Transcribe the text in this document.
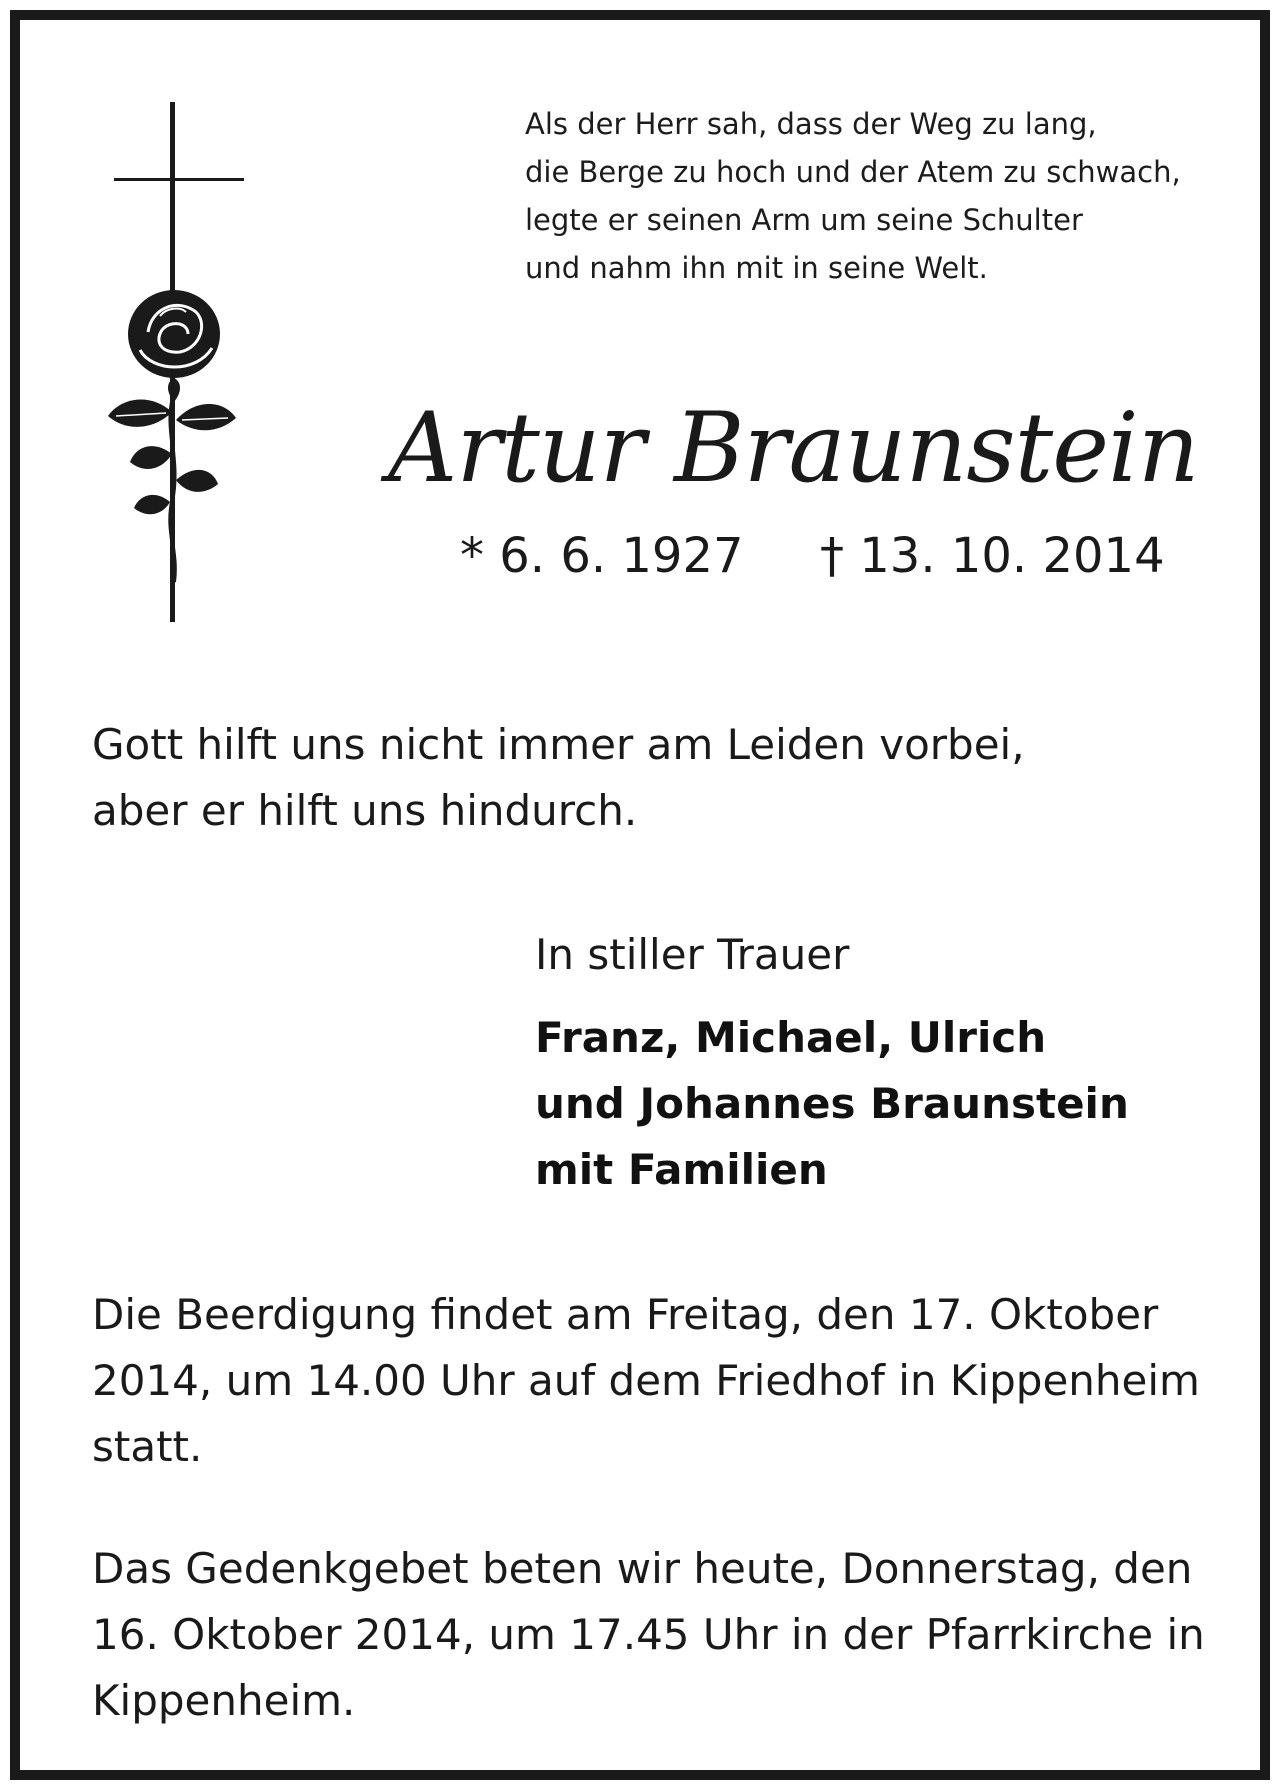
Als der Herr sah, dass der Weg zu lang,
die Berge zu hoch und der Atem zu schwach,
legte er seinen Arm um seine Schulter
und nahm ihn mit in seine Welt.
Artur Braunstein
* 6. 6. 1927 † 13. 10. 2014
Gott hilft uns nicht immer am Leiden vorbei,
aber er hilft uns hindurch.
In stiller Trauer
Franz, Michael, Ulrich
und Johannes Braunstein
mit Familien
Die Beerdigung findet am Freitag, den 17. Oktober
2014, um 14.00 Uhr auf dem Friedhof in Kippenheim
statt.
Das Gedenkgebet beten wir heute, Donnerstag, den
16. Oktober 2014, um 17.45 Uhr in der Pfarrkirche in
Kippenheim.
